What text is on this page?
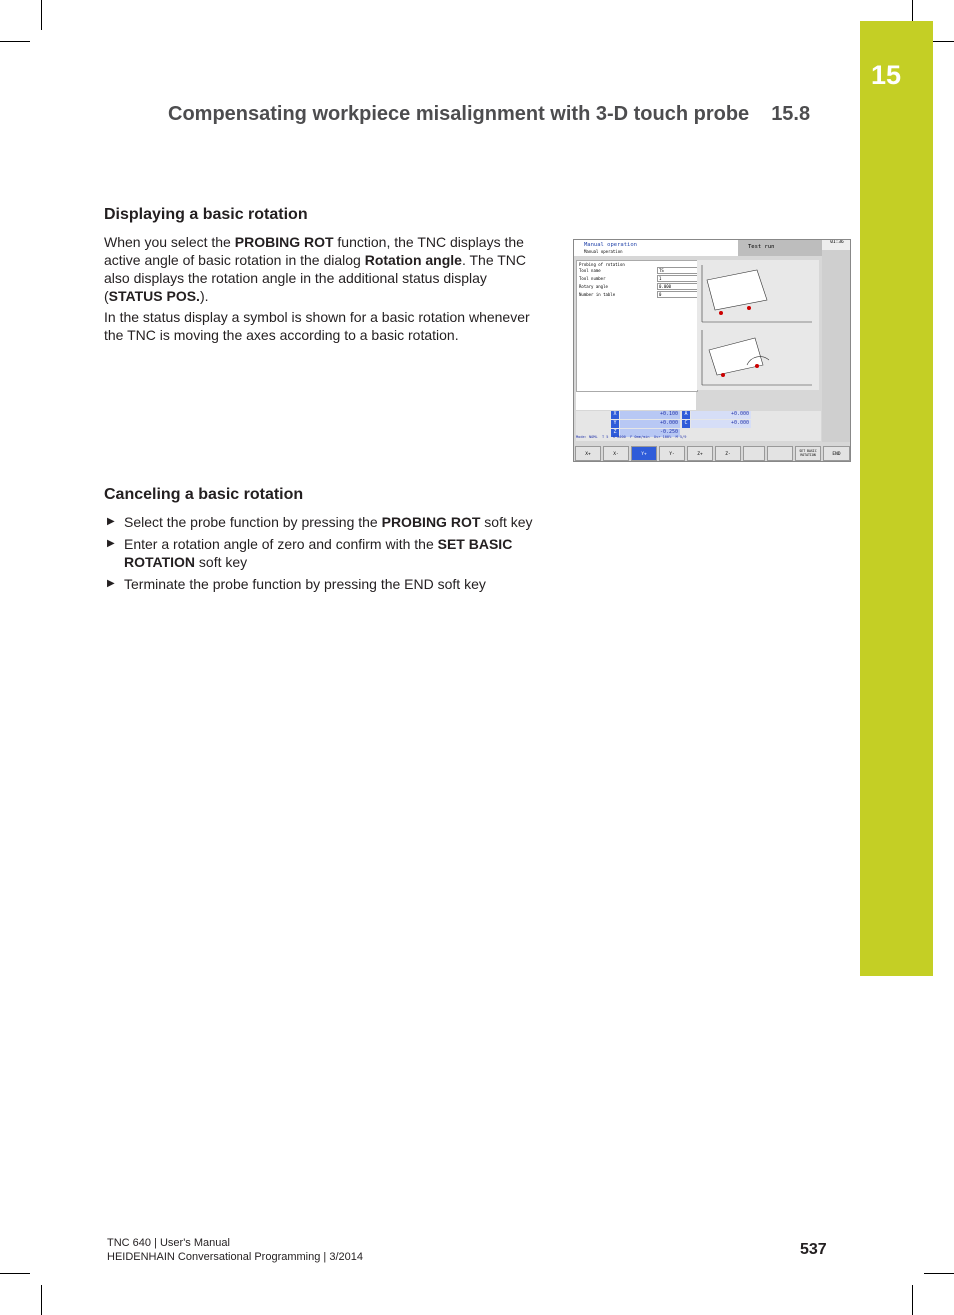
15
Compensating workpiece misalignment with 3-D touch probe 15.8
Displaying a basic rotation

When you select the PROBING ROT function, the TNC displays the active angle of basic rotation in the dialog Rotation angle. The TNC also displays the rotation angle in the additional status display (STATUS POS.).

In the status display a symbol is shown for a basic rotation whenever the TNC is moving the axes according to a basic rotation.

Manual operation
Manual operation
Test run
01:36
Probing of rotation
Tool name	TS
Tool number	1
Rotary angle	0.000
Number in table	0
X	+0.100	A	+0.000
Y	+0.000	C	+0.000
Z	-0.250
Mode: NOML T 5 S 2000 F 0mm/min Ovr 100% M 5/9
X+	X-	Y+	Y-	Z+	Z-
SET BASIC ROTATION	END
Canceling a basic rotation
▶ Select the probe function by pressing the PROBING ROT soft key
▶ Enter a rotation angle of zero and confirm with the SET BASIC ROTATION soft key
▶ Terminate the probe function by pressing the END soft key
TNC 640 | User's Manual
HEIDENHAIN Conversational Programming | 3/2014	537
